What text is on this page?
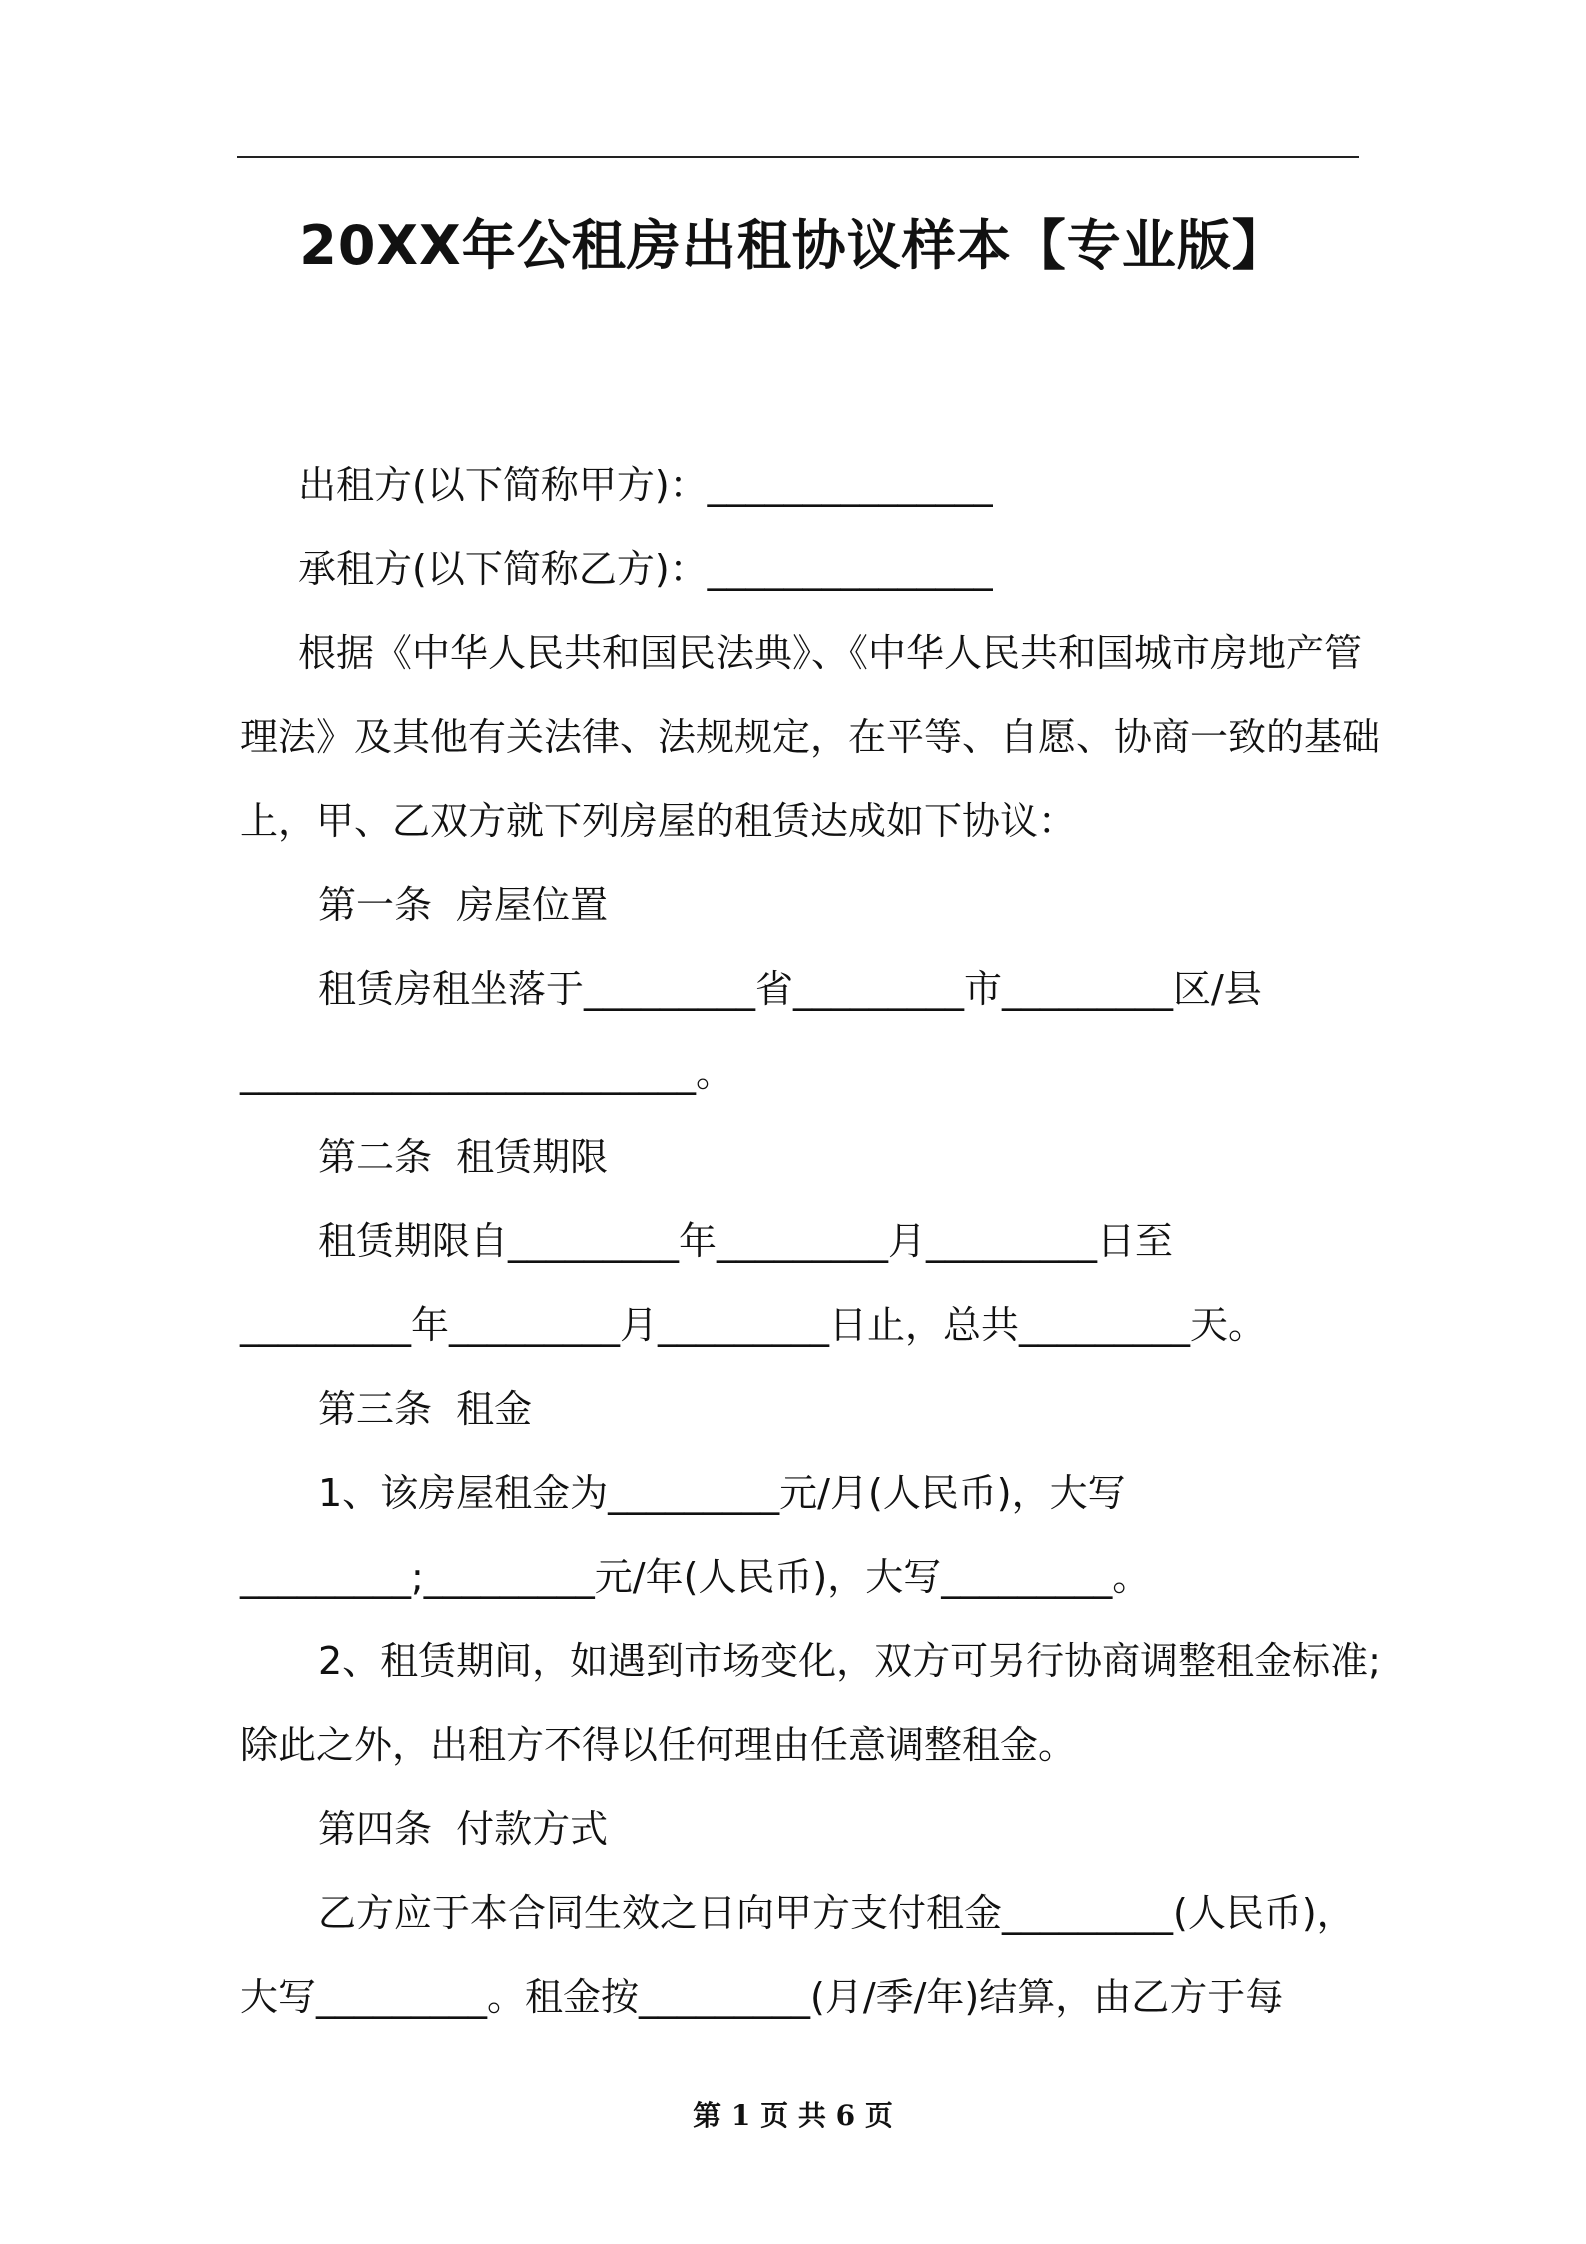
20XX年公租房出租协议样本【专业版】
出租方(以下简称甲方)：_______________
承租方(以下简称乙方)：_______________
根据《中华人民共和国民法典》、《中华人民共和国城市房地产管
理法》及其他有关法律、法规规定，在平等、自愿、协商一致的基础
上，甲、乙双方就下列房屋的租赁达成如下协议：
第一条  房屋位置
租赁房租坐落于_________省_________市_________区/县
________________________。
第二条  租赁期限
租赁期限自_________年_________月_________日至
_________年_________月_________日止，总共_________天。
第三条  租金
1、该房屋租金为_________元/月(人民币)，大写
_________;_________元/年(人民币)，大写_________。
2、租赁期间，如遇到市场变化，双方可另行协商调整租金标准;
除此之外，出租方不得以任何理由任意调整租金。
第四条  付款方式
乙方应于本合同生效之日向甲方支付租金_________(人民币)，
大写_________。租金按_________(月/季/年)结算，由乙方于每
第 1 页 共 6 页
